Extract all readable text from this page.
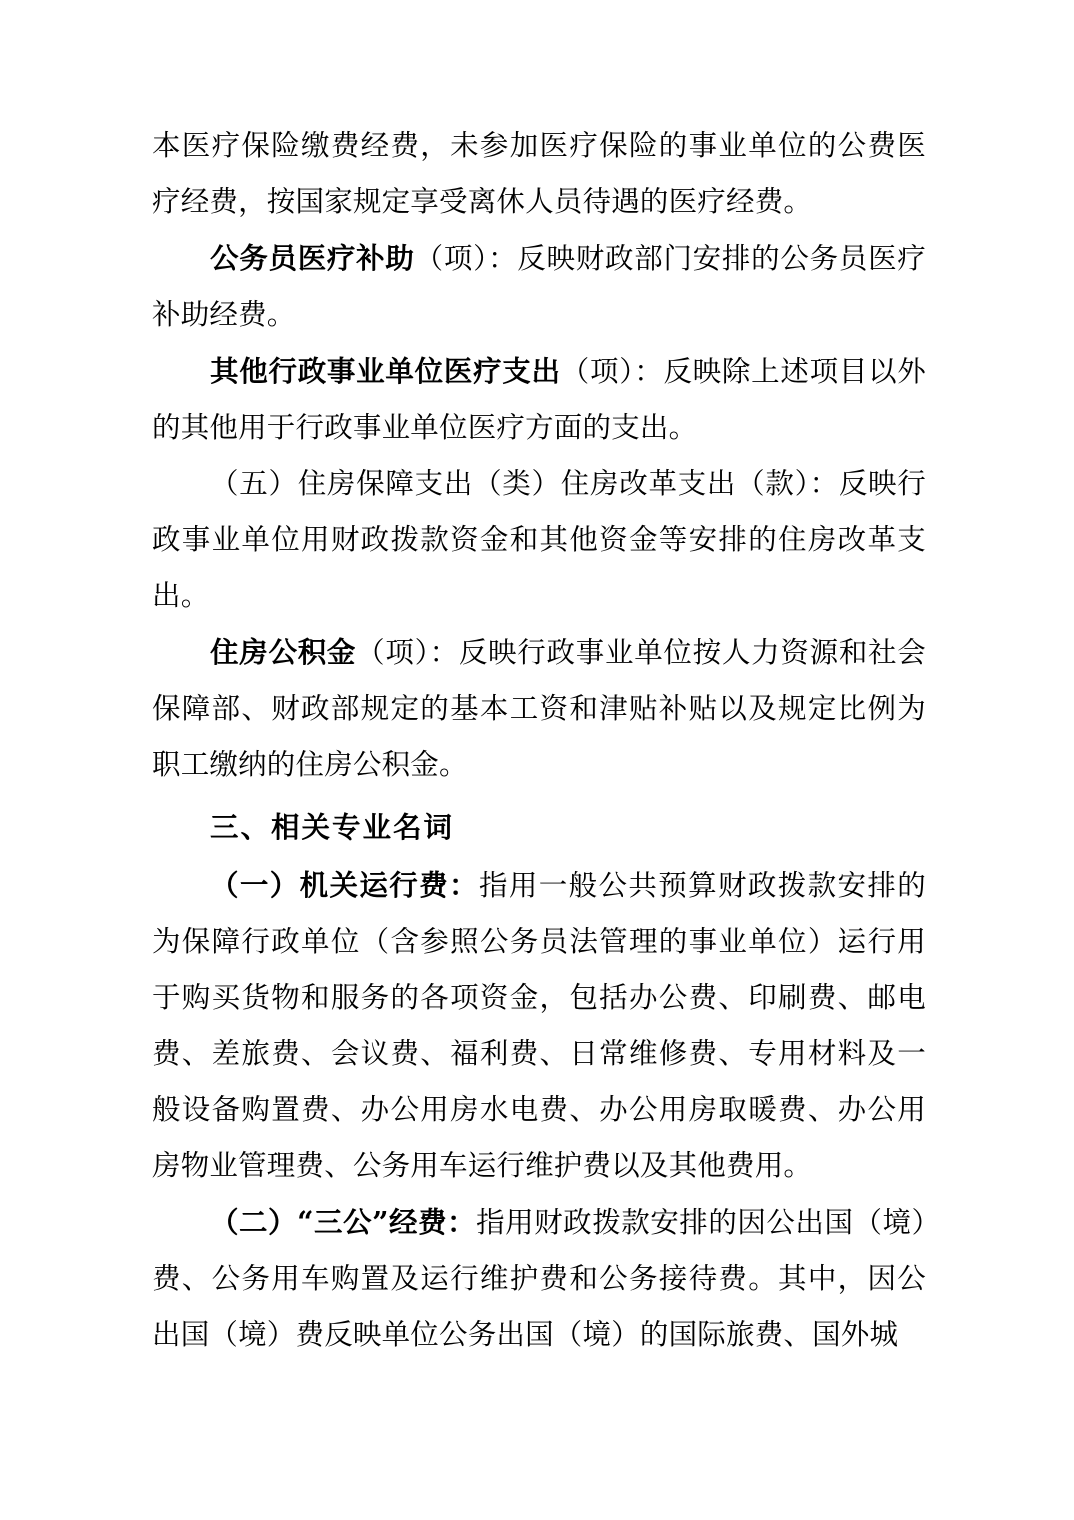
本医疗保险缴费经费，未参加医疗保险的事业单位的公费医疗经费，按国家规定享受离休人员待遇的医疗经费。

公务员医疗补助（项）：反映财政部门安排的公务员医疗补助经费。

其他行政事业单位医疗支出（项）：反映除上述项目以外的其他用于行政事业单位医疗方面的支出。

（五）住房保障支出（类）住房改革支出（款）：反映行政事业单位用财政拨款资金和其他资金等安排的住房改革支出。

住房公积金（项）：反映行政事业单位按人力资源和社会保障部、财政部规定的基本工资和津贴补贴以及规定比例为职工缴纳的住房公积金。

三、相关专业名词

（一）机关运行费：指用一般公共预算财政拨款安排的为保障行政单位（含参照公务员法管理的事业单位）运行用于购买货物和服务的各项资金，包括办公费、印刷费、邮电费、差旅费、会议费、福利费、日常维修费、专用材料及一般设备购置费、办公用房水电费、办公用房取暖费、办公用房物业管理费、公务用车运行维护费以及其他费用。

（二）“三公”经费：指用财政拨款安排的因公出国（境）费、公务用车购置及运行维护费和公务接待费。其中，因公出国（境）费反映单位公务出国（境）的国际旅费、国外城
